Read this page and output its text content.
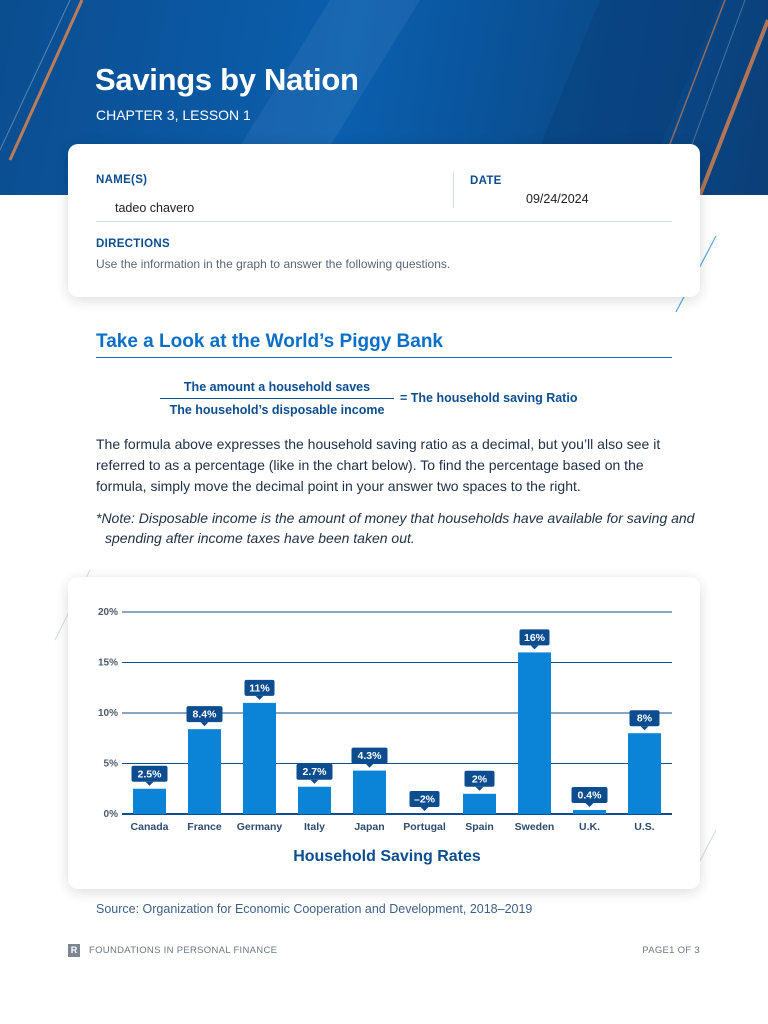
Savings by Nation
CHAPTER 3, LESSON 1
NAME(S)
tadeo chavero
DATE
09/24/2024
DIRECTIONS
Use the information in the graph to answer the following questions.
Take a Look at the World’s Piggy Bank
The amount a household saves
The household’s disposable income
= The household saving Ratio

The formula above expresses the household saving ratio as a decimal, but you’ll also see it referred to as a percentage (like in the chart below). To find the percentage based on the formula, simply move the decimal point in your answer two spaces to the right.

*Note: Disposable income is the amount of money that households have available for saving and spending after income taxes have been taken out.

0%
5%
10%
15%
20%
2.5%
Canada
8.4%
France
11%
Germany
2.7%
Italy
4.3%
Japan
–2%
Portugal
2%
Spain
16%
Sweden
0.4%
U.K.
8%
U.S.
Household Saving Rates
Source: Organization for Economic Cooperation and Development, 2018–2019
R FOUNDATIONS IN PERSONAL FINANCE	PAGE1 OF 3
